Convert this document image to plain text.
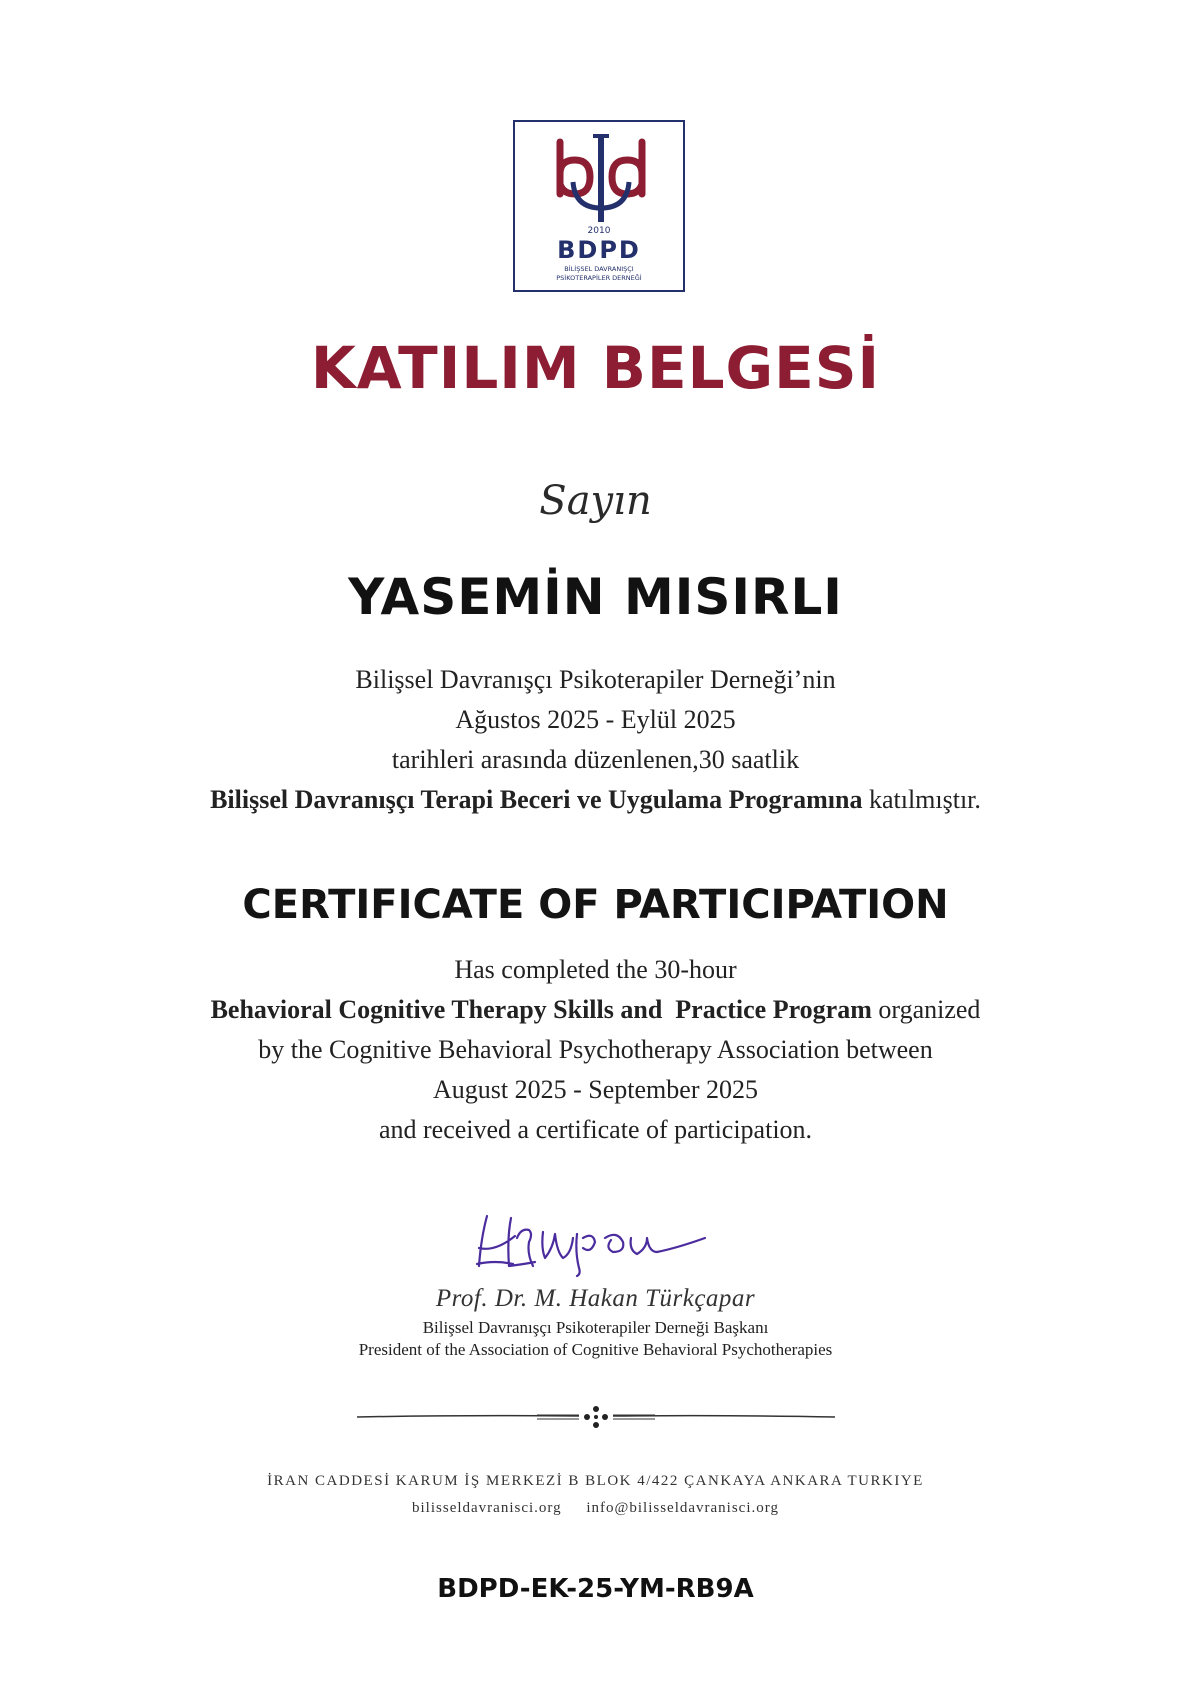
2010
BDPD
BİLİŞSEL DAVRANIŞÇI
PSİKOTERAPİLER DERNEĞİ
KATILIM BELGESİ
Sayın
YASEMİN MISIRLI
Bilişsel Davranışçı Psikoterapiler Derneği’nin
Ağustos 2025 - Eylül 2025
tarihleri arasında düzenlenen,30 saatlik
Bilişsel Davranışçı Terapi Beceri ve Uygulama Programına katılmıştır.
CERTIFICATE OF PARTICIPATION
Has completed the 30-hour
Behavioral Cognitive Therapy Skills and  Practice Program organized
by the Cognitive Behavioral Psychotherapy Association between
August 2025 - September 2025
and received a certificate of participation.
Prof. Dr. M. Hakan Türkçapar
Bilişsel Davranışçı Psikoterapiler Derneği Başkanı
President of the Association of Cognitive Behavioral Psychotherapies
İRAN CADDESİ KARUM İŞ MERKEZİ B BLOK 4/422 ÇANKAYA ANKARA TURKIYE
bilisseldavranisci.org info@bilisseldavranisci.org
BDPD-EK-25-YM-RB9A
